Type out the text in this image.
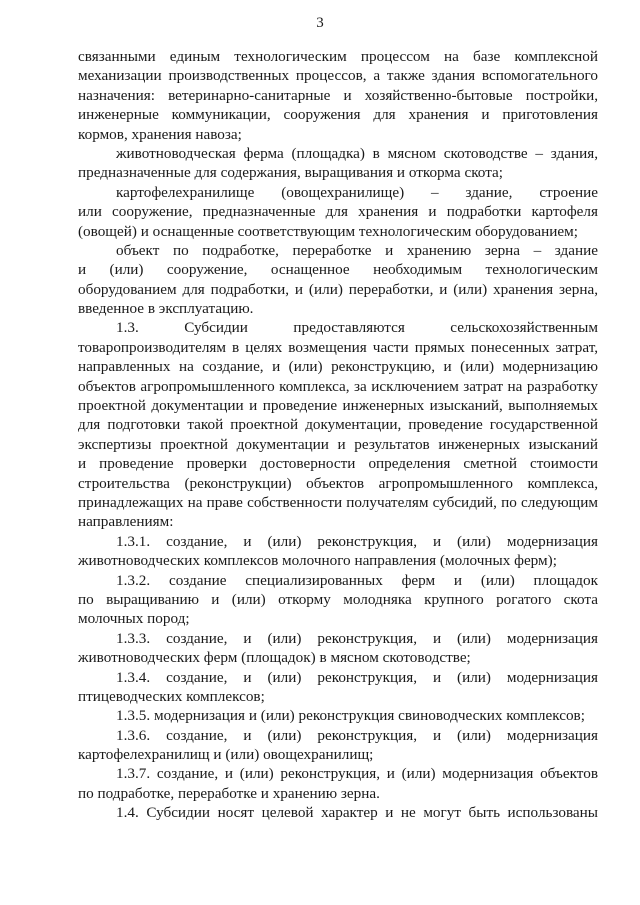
3
связанными единым технологическим процессом на базе комплексной
механизации производственных процессов, а также здания вспомогательного
назначения: ветеринарно-санитарные и хозяйственно-бытовые постройки,
инженерные коммуникации, сооружения для хранения и приготовления
кормов, хранения навоза;
животноводческая ферма (площадка) в мясном скотоводстве – здания,
предназначенные для содержания, выращивания и откорма скота;
картофелехранилище (овощехранилище) – здание, строение
или сооружение, предназначенные для хранения и подработки картофеля
(овощей) и оснащенные соответствующим технологическим оборудованием;
объект по подработке, переработке и хранению зерна – здание
и (или) сооружение, оснащенное необходимым технологическим
оборудованием для подработки, и (или) переработки, и (или) хранения зерна,
введенное в эксплуатацию.
1.3. Субсидии предоставляются сельскохозяйственным
товаропроизводителям в целях возмещения части прямых понесенных затрат,
направленных на создание, и (или) реконструкцию, и (или) модернизацию
объектов агропромышленного комплекса, за исключением затрат на разработку
проектной документации и проведение инженерных изысканий, выполняемых
для подготовки такой проектной документации, проведение государственной
экспертизы проектной документации и результатов инженерных изысканий
и проведение проверки достоверности определения сметной стоимости
строительства (реконструкции) объектов агропромышленного комплекса,
принадлежащих на праве собственности получателям субсидий, по следующим
направлениям:
1.3.1. создание, и (или) реконструкция, и (или) модернизация
животноводческих комплексов молочного направления (молочных ферм);
1.3.2. создание специализированных ферм и (или) площадок
по выращиванию и (или) откорму молодняка крупного рогатого скота
молочных пород;
1.3.3. создание, и (или) реконструкция, и (или) модернизация
животноводческих ферм (площадок) в мясном скотоводстве;
1.3.4. создание, и (или) реконструкция, и (или) модернизация
птицеводческих комплексов;
1.3.5. модернизация и (или) реконструкция свиноводческих комплексов;
1.3.6. создание, и (или) реконструкция, и (или) модернизация
картофелехранилищ и (или) овощехранилищ;
1.3.7. создание, и (или) реконструкция, и (или) модернизация объектов
по подработке, переработке и хранению зерна.
1.4. Субсидии носят целевой характер и не могут быть использованы
